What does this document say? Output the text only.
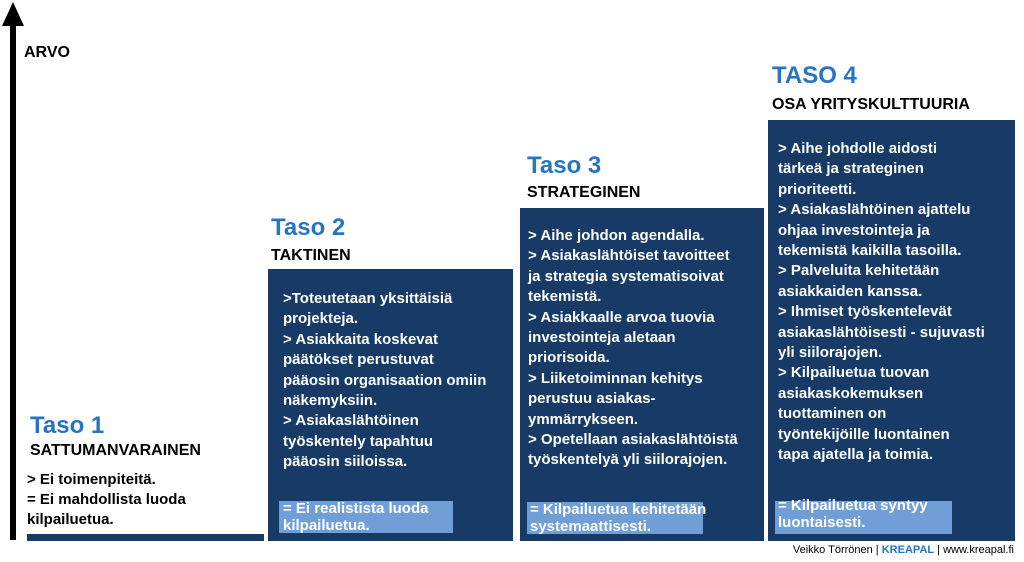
ARVO
Taso 1
SATTUMANVARAINEN
> Ei toimenpiteitä.
= Ei mahdollista luoda
kilpailuetua.
Taso 2
TAKTINEN
>Toteutetaan yksittäisiä
projekteja.
> Asiakkaita koskevat
päätökset perustuvat
pääosin organisaation omiin
näkemyksiin.
> Asiakaslähtöinen
työskentely tapahtuu
pääosin siiloissa.
= Ei realistista luoda
kilpailuetua.
Taso 3
STRATEGINEN
> Aihe johdon agendalla.
> Asiakaslähtöiset tavoitteet
ja strategia systematisoivat
tekemistä.
> Asiakkaalle arvoa tuovia
investointeja aletaan
priorisoida.
> Liiketoiminnan kehitys
perustuu asiakas-
ymmärrykseen.
> Opetellaan asiakaslähtöistä
työskentelyä yli siilorajojen.
= Kilpailuetua kehitetään
systemaattisesti.
TASO 4
OSA YRITYSKULTTUURIA
> Aihe johdolle aidosti
tärkeä ja strateginen
prioriteetti.
> Asiakaslähtöinen ajattelu
ohjaa investointeja ja
tekemistä kaikilla tasoilla.
> Palveluita kehitetään
asiakkaiden kanssa.
> Ihmiset työskentelevät
asiakaslähtöisesti - sujuvasti
yli siilorajojen.
> Kilpailuetua tuovan
asiakaskokemuksen
tuottaminen on
työntekijöille luontainen
tapa ajatella ja toimia.
= Kilpailuetua syntyy
luontaisesti.
Veikko Törrönen | KREAPAL | www.kreapal.fi
